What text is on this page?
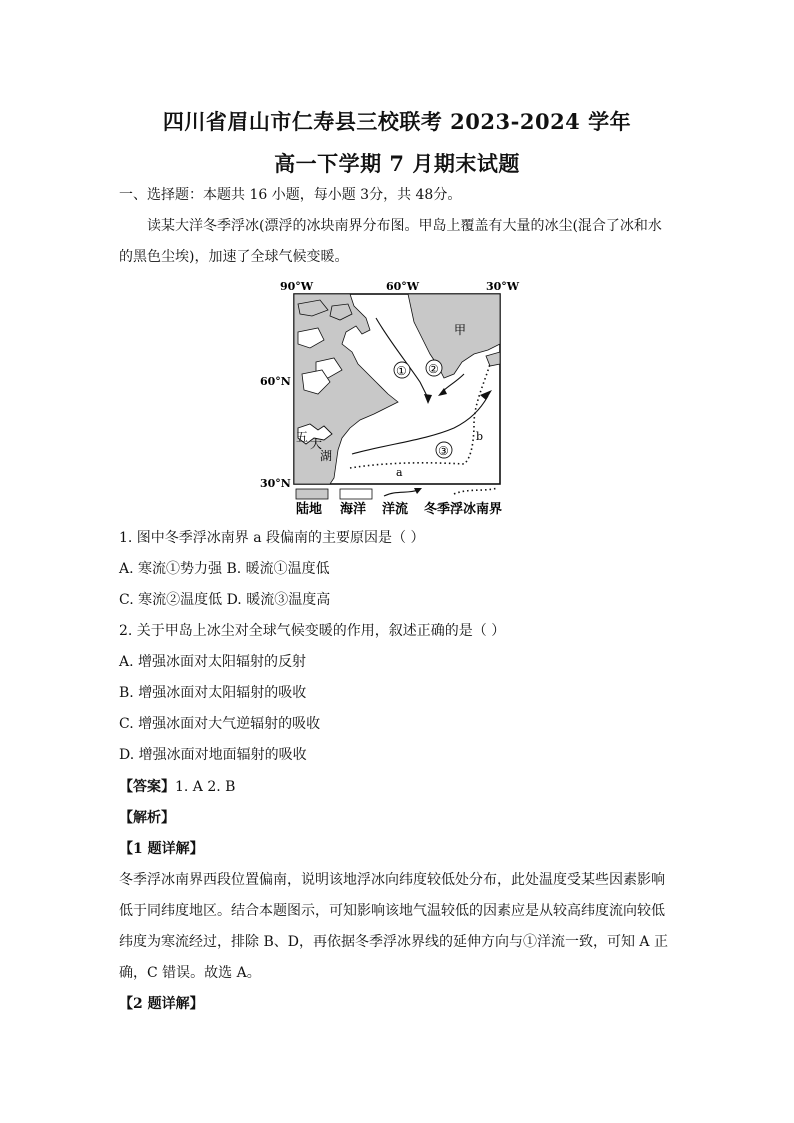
四川省眉山市仁寿县三校联考 2023-2024 学年
高一下学期 7 月期末试题
一、选择题：本题共 16 小题，每小题 3分，共 48分。
读某大洋冬季浮冰(漂浮的冰块南界分布图。甲岛上覆盖有大量的冰尘(混合了冰和水
的黑色尘埃)，加速了全球气候变暖。
90°W	60°W	30°W
60°N
30°N
五 大
湖
甲
① ②
③
a
b
陆地 海洋 洋流 冬季浮冰南界
1. 图中冬季浮冰南界 a 段偏南的主要原因是（ ）
A. 寒流①势力强 B. 暖流①温度低
C. 寒流②温度低 D. 暖流③温度高
2. 关于甲岛上冰尘对全球气候变暖的作用，叙述正确的是（ ）
A. 增强冰面对太阳辐射的反射
B. 增强冰面对太阳辐射的吸收
C. 增强冰面对大气逆辐射的吸收
D. 增强冰面对地面辐射的吸收
【答案】1. A 2. B
【解析】
【1 题详解】
冬季浮冰南界西段位置偏南，说明该地浮冰向纬度较低处分布，此处温度受某些因素影响
低于同纬度地区。结合本题图示，可知影响该地气温较低的因素应是从较高纬度流向较低
纬度为寒流经过，排除 B、D，再依据冬季浮冰界线的延伸方向与①洋流一致，可知 A 正
确，C 错误。故选 A。
【2 题详解】
